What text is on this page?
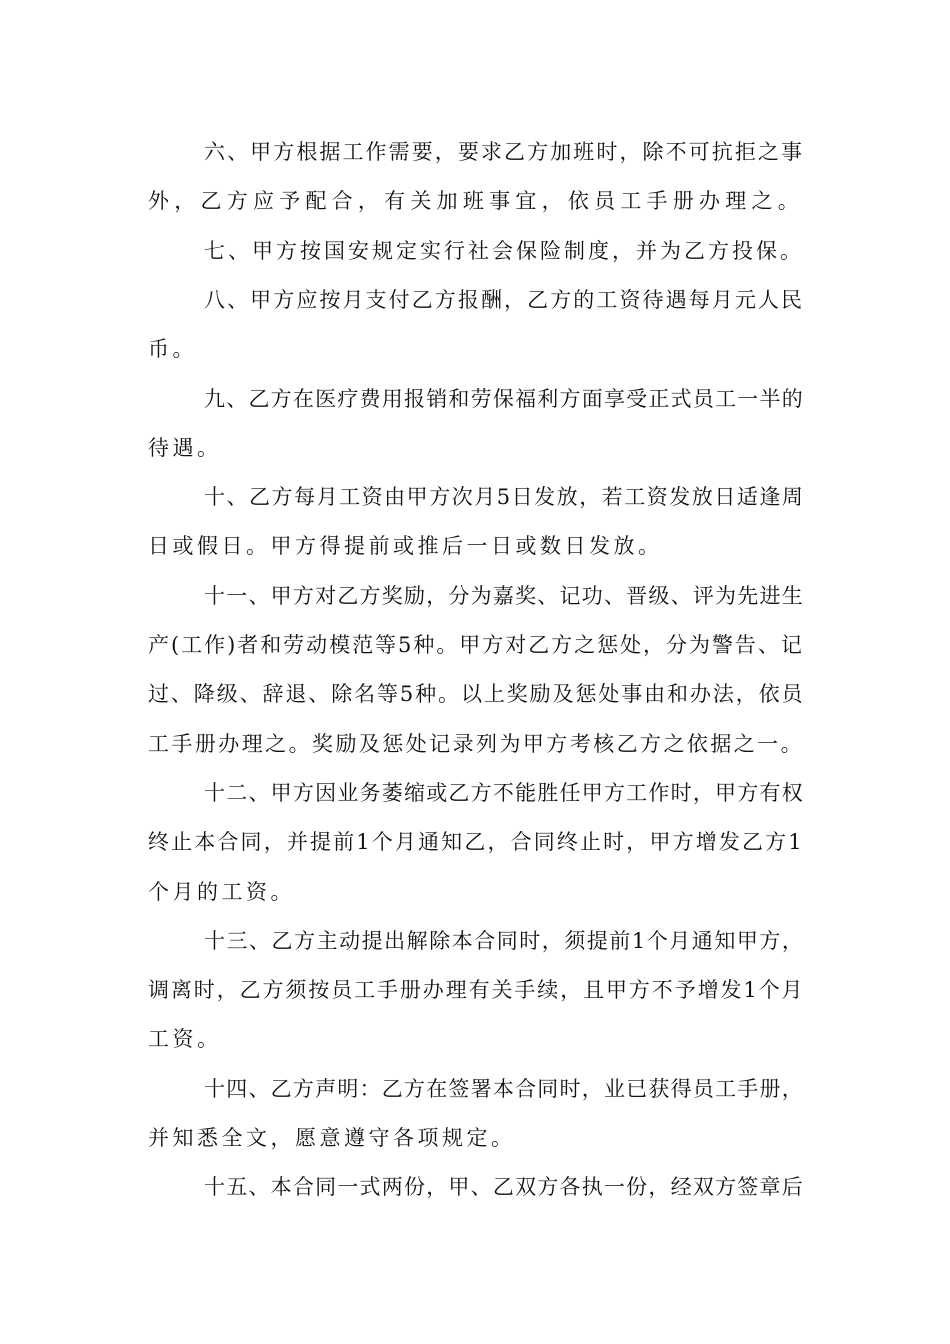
六、甲方根据工作需要，要求乙方加班时，除不可抗拒之事
外，乙方应予配合，有关加班事宜，依员工手册办理之。
七、甲方按国安规定实行社会保险制度，并为乙方投保。
八、甲方应按月支付乙方报酬，乙方的工资待遇每月元人民
币。
九、乙方在医疗费用报销和劳保福利方面享受正式员工一半的
待遇。
十、乙方每月工资由甲方次月5日发放，若工资发放日适逢周
日或假日。甲方得提前或推后一日或数日发放。
十一、甲方对乙方奖励，分为嘉奖、记功、晋级、评为先进生
产(工作)者和劳动模范等5种。甲方对乙方之惩处，分为警告、记
过、降级、辞退、除名等5种。以上奖励及惩处事由和办法，依员
工手册办理之。奖励及惩处记录列为甲方考核乙方之依据之一。
十二、甲方因业务萎缩或乙方不能胜任甲方工作时，甲方有权
终止本合同，并提前1个月通知乙，合同终止时，甲方增发乙方1
个月的工资。
十三、乙方主动提出解除本合同时，须提前1个月通知甲方，
调离时，乙方须按员工手册办理有关手续，且甲方不予增发1个月
工资。
十四、乙方声明：乙方在签署本合同时，业已获得员工手册，
并知悉全文，愿意遵守各项规定。
十五、本合同一式两份，甲、乙双方各执一份，经双方签章后
